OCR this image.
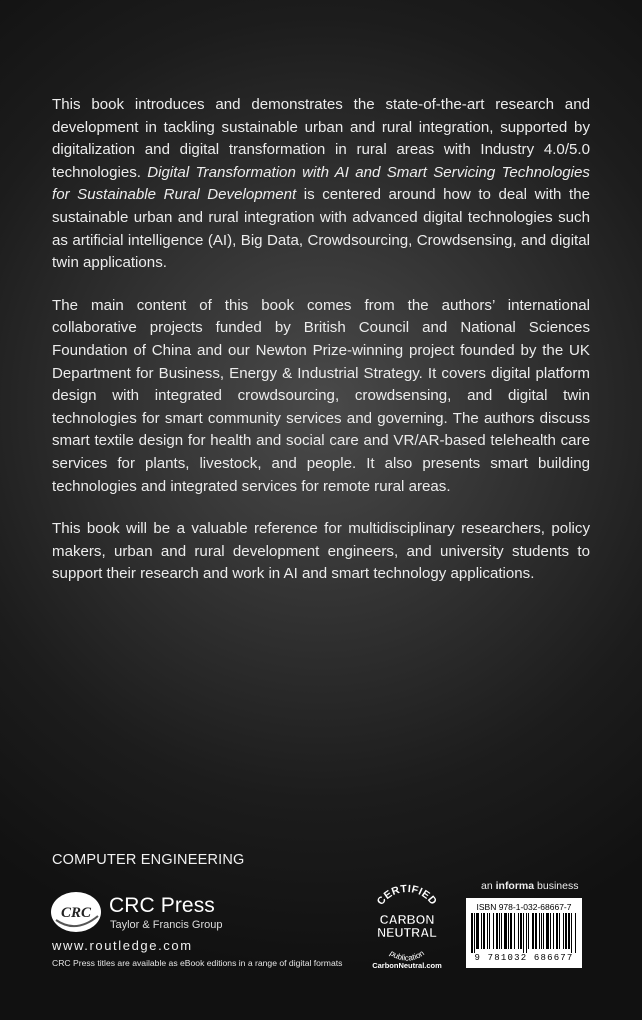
This book introduces and demonstrates the state-of-the-art research and development in tackling sustainable urban and rural integration, supported by digitalization and digital transformation in rural areas with Industry 4.0/5.0 technologies. Digital Transformation with AI and Smart Servicing Technologies for Sustainable Rural Development is centered around how to deal with the sustainable urban and rural integration with advanced digital technologies such as artificial intelligence (AI), Big Data, Crowdsourcing, Crowdsensing, and digital twin applications.

The main content of this book comes from the authors’ international collaborative projects funded by British Council and National Sciences Foundation of China and our Newton Prize-winning project founded by the UK Department for Business, Energy & Industrial Strategy. It covers digital platform design with integrated crowdsourcing, crowdsensing, and digital twin technologies for smart community services and governing. The authors discuss smart textile design for health and social care and VR/AR-based telehealth care services for plants, livestock, and people. It also presents smart building technologies and integrated services for remote rural areas.

This book will be a valuable reference for multidisciplinary researchers, policy makers, urban and rural development engineers, and university students to support their research and work in AI and smart technology applications.

COMPUTER ENGINEERING
CRC CRC Press
Taylor & Francis Group
www.routledge.com
CRC Press titles are available as eBook editions in a range of digital formats
CERTIFIED
CARBON
NEUTRAL
publication
CarbonNeutral.com
an informa business
ISBN 978-1-032-68667-7
9 781032 686677
